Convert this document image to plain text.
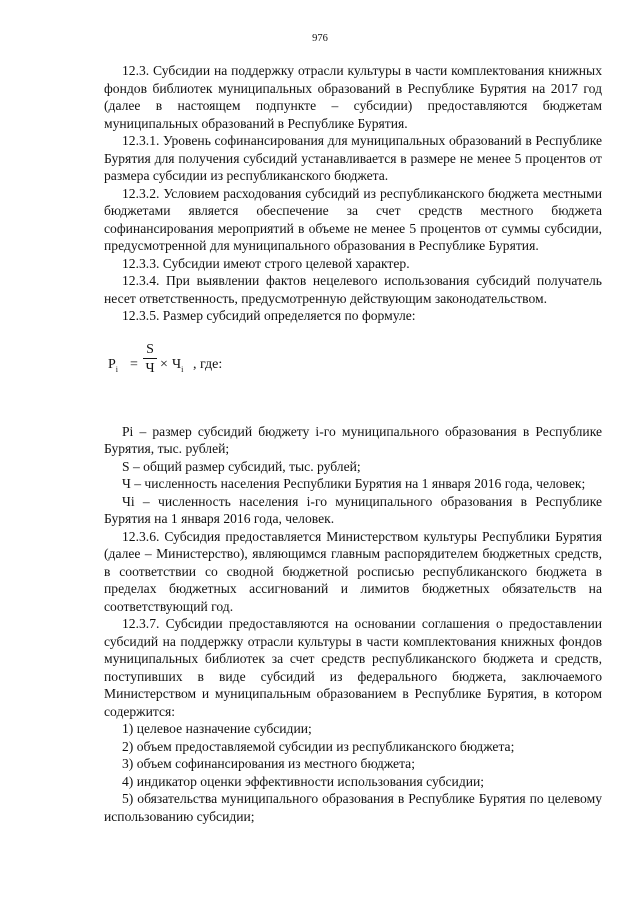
976

12.3. Субсидии на поддержку отрасли культуры в части комплектования книжных фондов библиотек муниципальных образований в Республике Бурятия на 2017 год (далее в настоящем подпункте – субсидии) предоставляются бюджетам муниципальных образований в Республике Бурятия.

12.3.1. Уровень софинансирования для муниципальных образований в Республике Бурятия для получения субсидий устанавливается в размере не менее 5 процентов от размера субсидии из республиканского бюджета.

12.3.2. Условием расходования субсидий из республиканского бюджета местными бюджетами является обеспечение за счет средств местного бюджета софинансирования мероприятий в объеме не менее 5 процентов от суммы субсидии, предусмотренной для муниципального образования в Республике Бурятия.

12.3.3. Субсидии имеют строго целевой характер.

12.3.4. При выявлении фактов нецелевого использования субсидий получатель несет ответственность, предусмотренную действующим законодательством.

12.3.5. Размер субсидий определяется по формуле:

$P_i$ =
S
$Ч \times Ч_i$ , где:

Pi – размер субсидий бюджету i-го муниципального образования в Республике Бурятия, тыс. рублей;

S – общий размер субсидий, тыс. рублей;

Ч – численность населения Республики Бурятия на 1 января 2016 года, человек;

Чi – численность населения i-го муниципального образования в Республике Бурятия на 1 января 2016 года, человек.

12.3.6. Субсидия предоставляется Министерством культуры Республики Бурятия (далее – Министерство), являющимся главным распорядителем бюджетных средств, в соответствии со сводной бюджетной росписью республиканского бюджета в пределах бюджетных ассигнований и лимитов бюджетных обязательств на соответствующий год.

12.3.7. Субсидии предоставляются на основании соглашения о предоставлении субсидий на поддержку отрасли культуры в части комплектования книжных фондов муниципальных библиотек за счет средств республиканского бюджета и средств, поступивших в виде субсидий из федерального бюджета, заключаемого Министерством и муниципальным образованием в Республике Бурятия, в котором содержится:

1) целевое назначение субсидии;

2) объем предоставляемой субсидии из республиканского бюджета;

3) объем софинансирования из местного бюджета;

4) индикатор оценки эффективности использования субсидии;

5) обязательства муниципального образования в Республике Бурятия по целевому использованию субсидии;
